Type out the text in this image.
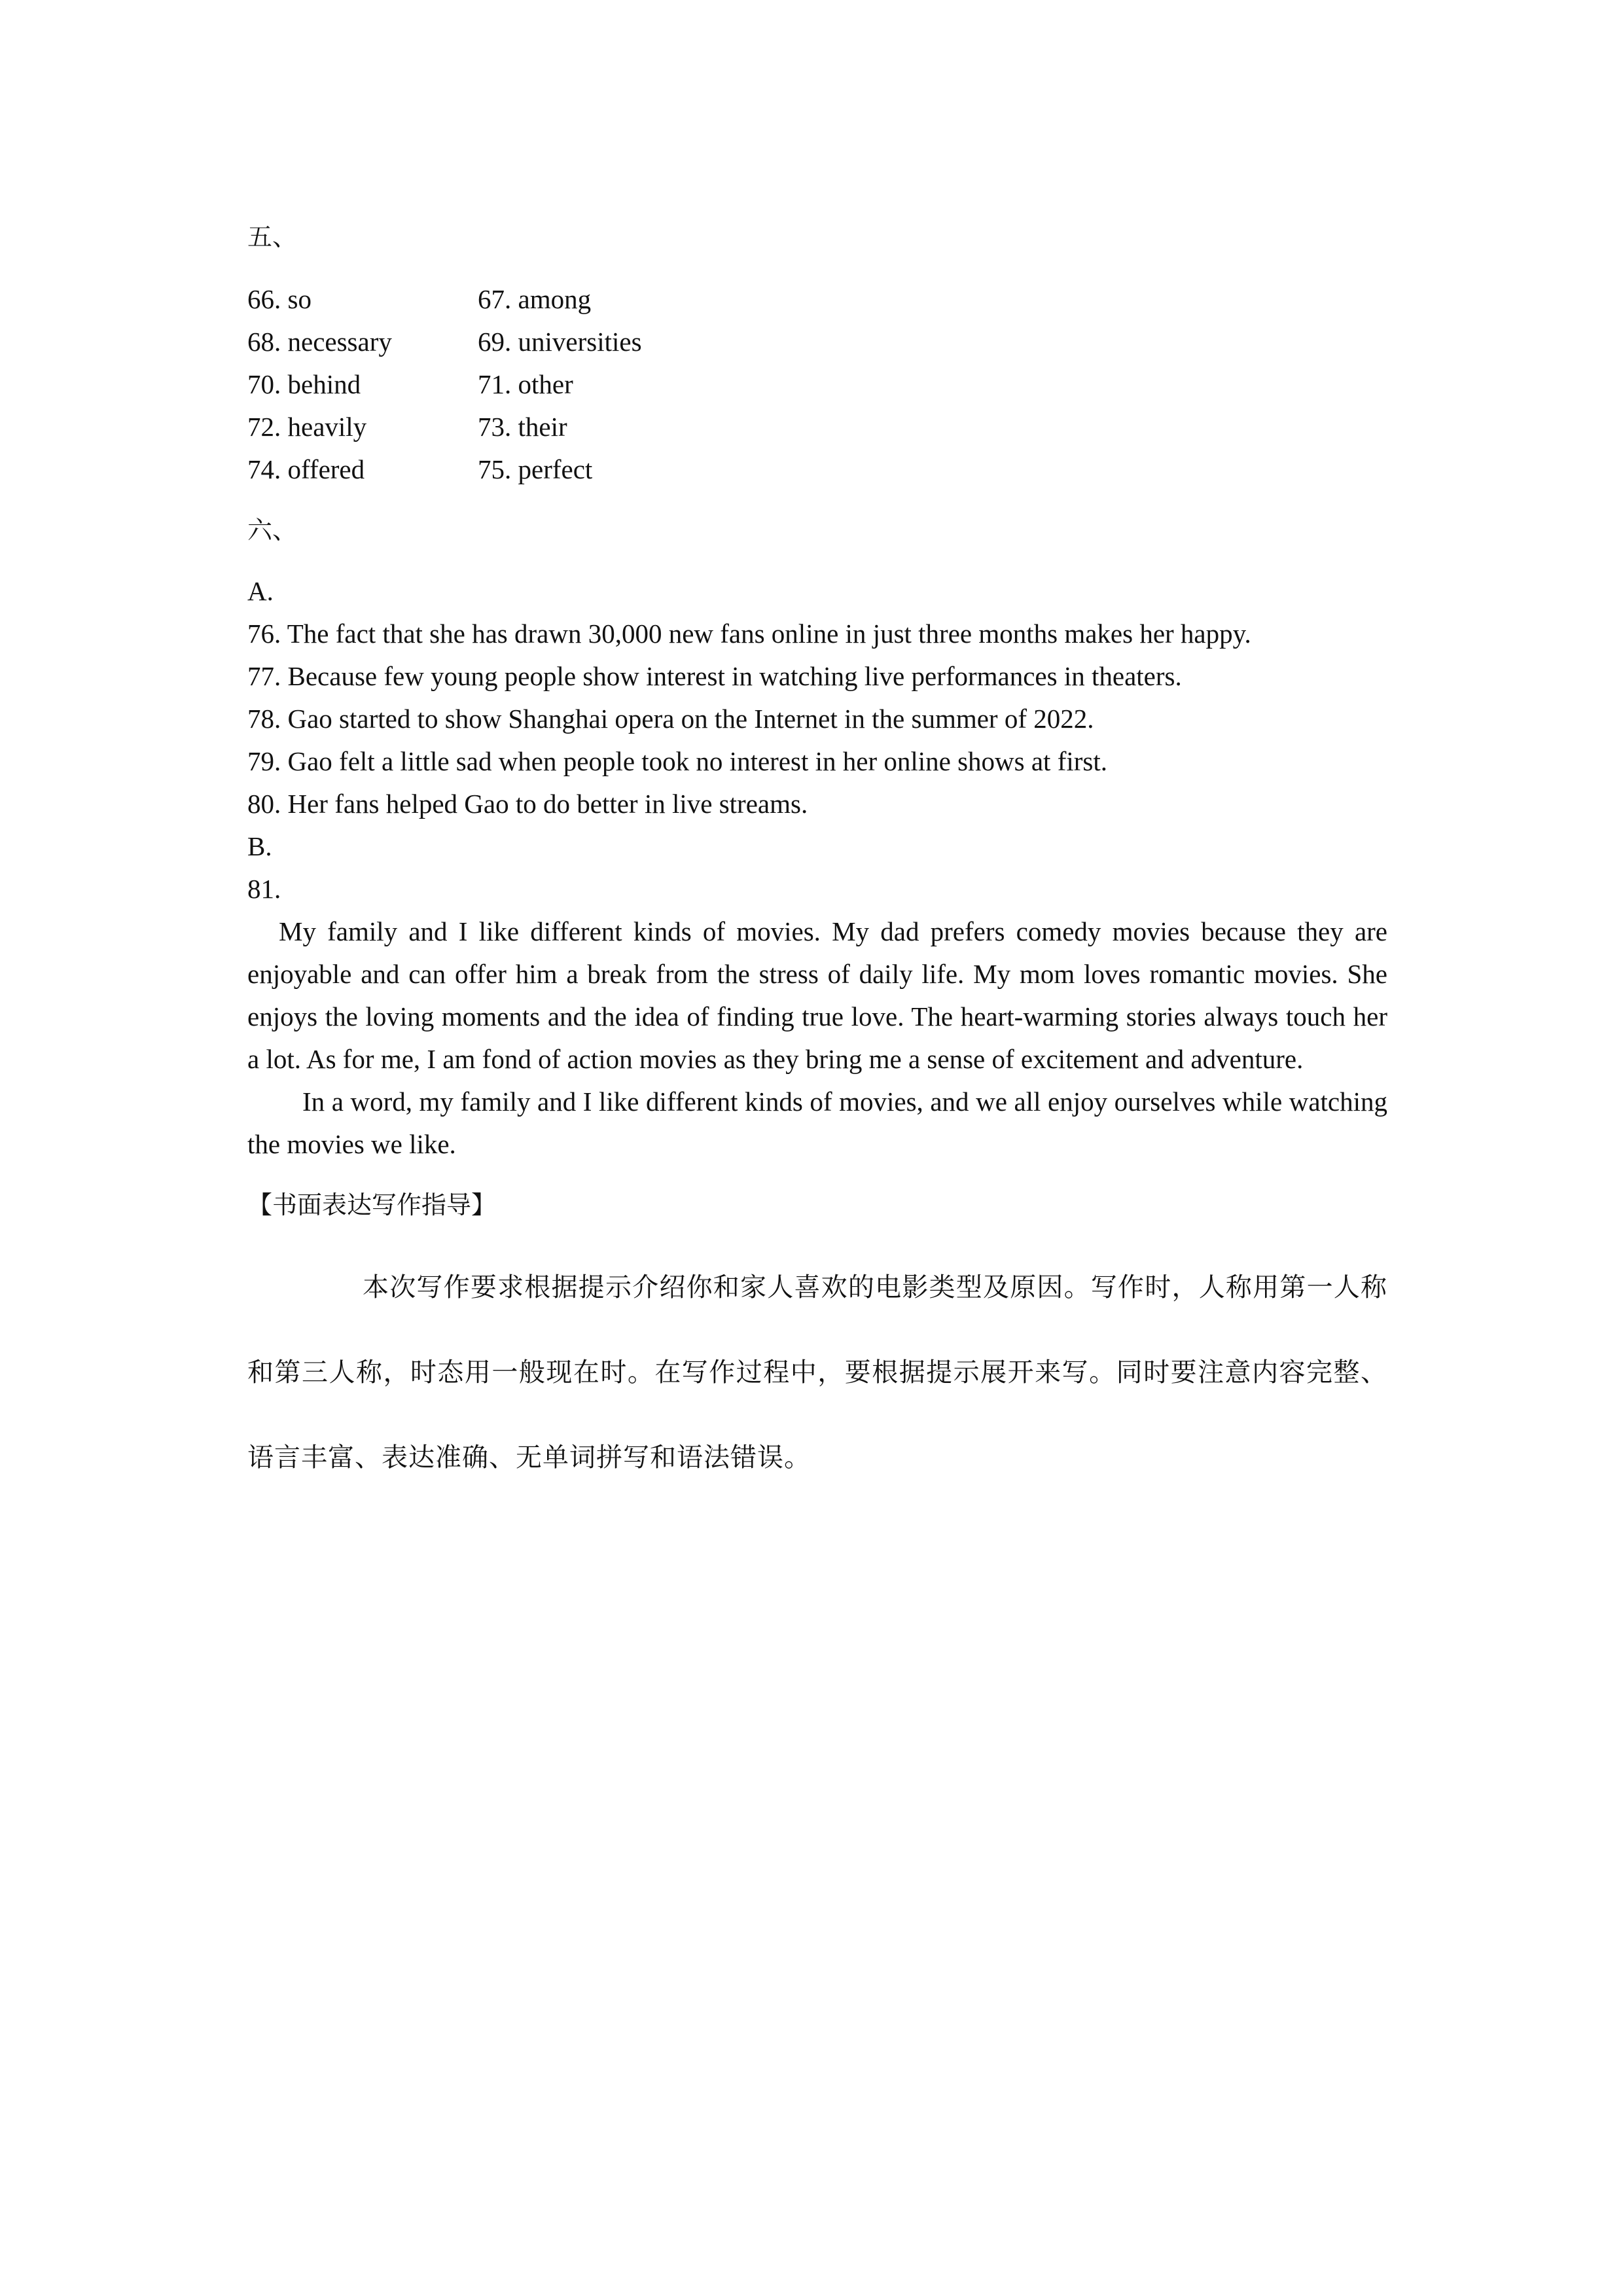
五、
66. so	67. among
68. necessary	69. universities
70. behind	71. other
72. heavily	73. their
74. offered	75. perfect
六、
A.
76. The fact that she has drawn 30,000 new fans online in just three months makes her happy.
77. Because few young people show interest in watching live performances in theaters.
78. Gao started to show Shanghai opera on the Internet in the summer of 2022.
79. Gao felt a little sad when people took no interest in her online shows at first.
80. Her fans helped Gao to do better in live streams.
B.
81.

My family and I like different kinds of movies. My dad prefers comedy movies because they are enjoyable and can offer him a break from the stress of daily life. My mom loves romantic movies. She enjoys the loving moments and the idea of finding true love. The heart-warming stories always touch her a lot. As for me, I am fond of action movies as they bring me a sense of excitement and adventure.

In a word, my family and I like different kinds of movies, and we all enjoy ourselves while watching the movies we like.

【书面表达写作指导】
本次写作要求根据提示介绍你和家人喜欢的电影类型及原因。写作时，人称用第一人称和第三人称，时态用一般现在时。在写作过程中，要根据提示展开来写。同时要注意内容完整、语言丰富、表达准确、无单词拼写和语法错误。
